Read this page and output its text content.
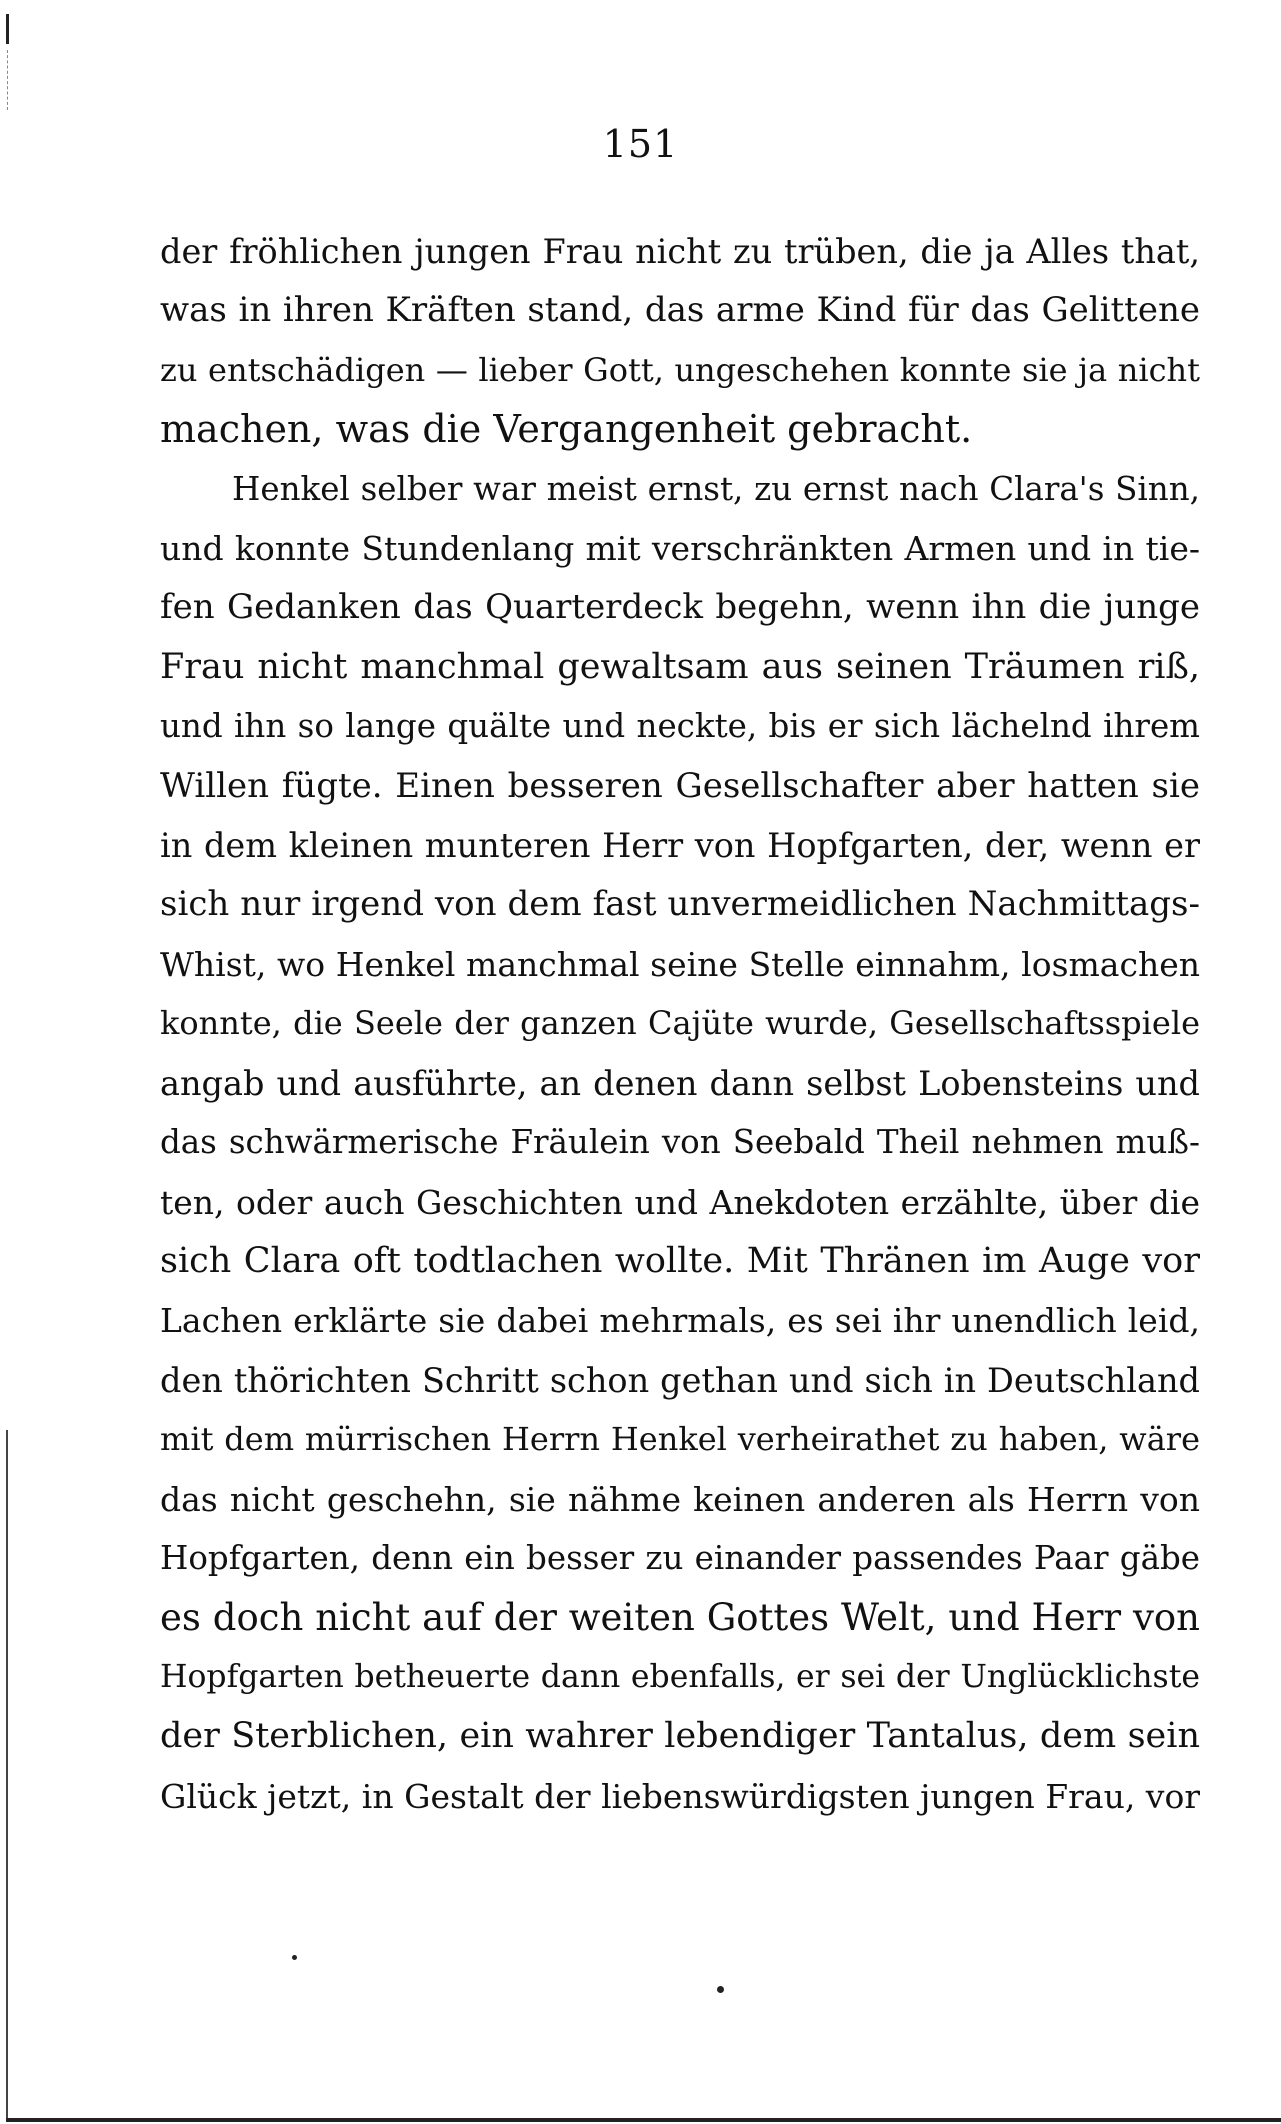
151

der fröhlichen jungen Frau nicht zu trüben, die ja Alles that,
was in ihren Kräften stand, das arme Kind für das Gelittene
zu entschädigen — lieber Gott, ungeschehen konnte sie ja nicht
machen, was die Vergangenheit gebracht.

Henkel selber war meist ernst, zu ernst nach Clara's Sinn,
und konnte Stundenlang mit verschränkten Armen und in tie-
fen Gedanken das Quarterdeck begehn, wenn ihn die junge
Frau nicht manchmal gewaltsam aus seinen Träumen riß,
und ihn so lange quälte und neckte, bis er sich lächelnd ihrem
Willen fügte. Einen besseren Gesellschafter aber hatten sie
in dem kleinen munteren Herr von Hopfgarten, der, wenn er
sich nur irgend von dem fast unvermeidlichen Nachmittags-
Whist, wo Henkel manchmal seine Stelle einnahm, losmachen
konnte, die Seele der ganzen Cajüte wurde, Gesellschaftsspiele
angab und ausführte, an denen dann selbst Lobensteins und
das schwärmerische Fräulein von Seebald Theil nehmen muß-
ten, oder auch Geschichten und Anekdoten erzählte, über die
sich Clara oft todtlachen wollte. Mit Thränen im Auge vor
Lachen erklärte sie dabei mehrmals, es sei ihr unendlich leid,
den thörichten Schritt schon gethan und sich in Deutschland
mit dem mürrischen Herrn Henkel verheirathet zu haben, wäre
das nicht geschehn, sie nähme keinen anderen als Herrn von
Hopfgarten, denn ein besser zu einander passendes Paar gäbe
es doch nicht auf der weiten Gottes Welt, und Herr von
Hopfgarten betheuerte dann ebenfalls, er sei der Unglücklichste
der Sterblichen, ein wahrer lebendiger Tantalus, dem sein
Glück jetzt, in Gestalt der liebenswürdigsten jungen Frau, vor
